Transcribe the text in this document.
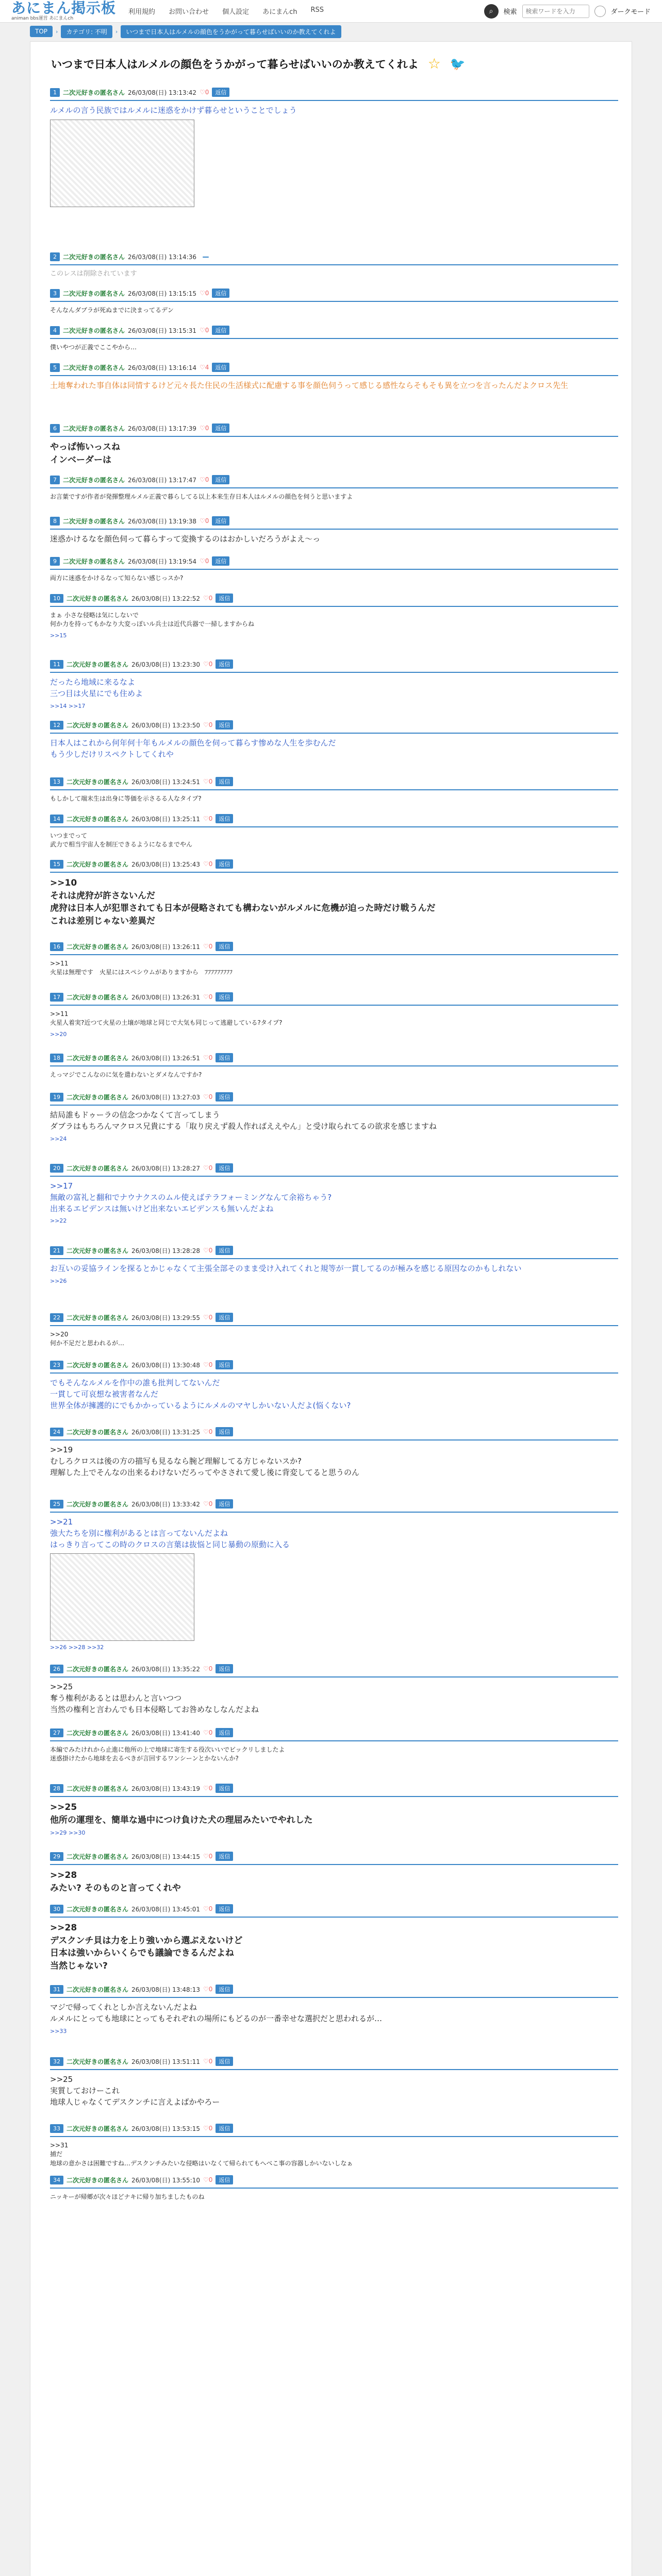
あにまん掲示板
animan bbs運営 あにまんch
利用規約 お問い合わせ 個人設定 あにまんch RSS	⌕	検索
検索ワードを入力	ダークモード
TOP	›	カテゴリ: 不明	›	いつまで日本人はルメルの顔色をうかがって暮らせばいいのか教えてくれよ
いつまで日本人はルメルの顔色をうかがって暮らせばいいのか教えてくれよ ☆ 🐦
1	二次元好きの匿名さん 26/03/08(日) 13:13:42 ♡0	返信
ルメルの言う民族ではルメルに迷惑をかけず暮らせということでしょう
2	二次元好きの匿名さん 26/03/08(日) 13:14:36
このレスは削除されています
3	二次元好きの匿名さん 26/03/08(日) 13:15:15 ♡0	返信
そんなんダブラが死ぬまでに決まってるデン
4	二次元好きの匿名さん 26/03/08(日) 13:15:31 ♡0	返信
僕いやつが正義でここやから…
5	二次元好きの匿名さん 26/03/08(日) 13:16:14 ♡4	返信
土地奪われた事自体は同情するけど元々長た住民の生活様式に配慮する事を顔色伺うって感じる感性ならそもそも異を立つを言ったんだよクロス先生
6	二次元好きの匿名さん 26/03/08(日) 13:17:39 ♡0	返信
やっぱ怖いっスね
インベーダーは
7	二次元好きの匿名さん 26/03/08(日) 13:17:47 ♡0	返信
お言葉ですが作者が発揮整理ルメル正義で暮らしてる以上本来生存日本人はルメルの顔色を伺うと思いますよ
8	二次元好きの匿名さん 26/03/08(日) 13:19:38 ♡0	返信
迷惑かけるなを顔色伺って暮らすって変換するのはおかしいだろうがよえ〜っ
9	二次元好きの匿名さん 26/03/08(日) 13:19:54 ♡0	返信
両方に迷惑をかけるなって知らない感じっスか?
10	二次元好きの匿名さん 26/03/08(日) 13:22:52 ♡0	返信
まぁ 小さな侵略は気にしないで
何か力を持ってもかなり大変っぽいル兵士は近代兵器で一掃しますからね
>>15
11	二次元好きの匿名さん 26/03/08(日) 13:23:30 ♡0	返信
だったら地域に来るなよ
三つ目は火星にでも住めよ
>>14 >>17
12	二次元好きの匿名さん 26/03/08(日) 13:23:50 ♡0	返信
日本人はこれから何年何十年もルメルの顔色を伺って暮らす惨めな人生を歩むんだ
もう少しだけリスペクトしてくれや
13	二次元好きの匿名さん 26/03/08(日) 13:24:51 ♡0	返信
もしかして端末生は出身に等価を示さるる人なタイプ?
14	二次元好きの匿名さん 26/03/08(日) 13:25:11 ♡0	返信
いつまでって
武力で相当宇宙人を制圧できるようになるまでやん
15	二次元好きの匿名さん 26/03/08(日) 13:25:43 ♡0	返信
>>10
それは虎狩が許さないんだ
虎狩は日本人が犯罪されても日本が侵略されても構わないがルメルに危機が迫った時だけ戦うんだ
これは差別じゃない差異だ
16	二次元好きの匿名さん 26/03/08(日) 13:26:11 ♡0	返信
>>11
火星は無理です　火星にはスペシウムがありますから　ﾌﾌﾌﾌﾌﾌﾌﾌﾌ
17	二次元好きの匿名さん 26/03/08(日) 13:26:31 ♡0	返信
>>11
火星人着実?近つて火星の土壌が地球と同じで大気も同じって逃避している?タイプ?
>>20
18	二次元好きの匿名さん 26/03/08(日) 13:26:51 ♡0	返信
えっマジでこんなのに気を遣わないとダメなんですか?
19	二次元好きの匿名さん 26/03/08(日) 13:27:03 ♡0	返信
結局誰もドゥーラの信念つかなくて言ってしまう
ダブラはもちろんマクロス兄貴にする「取り戻えず殺人作ればええやん」と受け取られてるの欲求を感じますね
>>24
20	二次元好きの匿名さん 26/03/08(日) 13:28:27 ♡0	返信
>>17
無敵の富礼と翻和でナウナクスのムル使えばテラフォーミングなんて余裕ちゃう?
出来るエビデンスは無いけど出来ないエビデンスも無いんだよね
>>22
21	二次元好きの匿名さん 26/03/08(日) 13:28:28 ♡0	返信
お互いの妥協ラインを探るとかじゃなくて主張全部そのまま受け入れてくれと規等が一貫してるのが極みを感じる原因なのかもしれない
>>26
22	二次元好きの匿名さん 26/03/08(日) 13:29:55 ♡0	返信
>>20
何か不足だと思われるが…
23	二次元好きの匿名さん 26/03/08(日) 13:30:48 ♡0	返信
でもそんなルメルを作中の誰も批判してないんだ
一貫して可哀想な被害者なんだ
世界全体が擁護的にでもかかっているようにルメルのマヤしかいない人だよ(悩くない?
24	二次元好きの匿名さん 26/03/08(日) 13:31:25 ♡0	返信
>>19
むしろクロスは後の方の描写も見るなら腕ど理解してる方じゃないスか?
理解した上でそんなの出来るわけないだろってやさされて愛し後に背変してると思うのん
25	二次元好きの匿名さん 26/03/08(日) 13:33:42 ♡0	返信
>>21
強大たちを別に権利があるとは言ってないんだよね
はっきり言ってこの時のクロスの言葉は抜悩と同じ暴動の原動に入る
>>26 >>28 >>32
26	二次元好きの匿名さん 26/03/08(日) 13:35:22 ♡0	返信
>>25
奪う権利があるとは思わんと言いつつ
当然の権利と言わんでも日本侵略してお咎めなしなんだよね
27	二次元好きの匿名さん 26/03/08(日) 13:41:40 ♡0	返信
本編でみたけれから止進に他所の上で地球に寄生する役次いいでビックリしましたよ
迷惑掛けたから地球を去るべきが言回するワンシーンとかないんか?
28	二次元好きの匿名さん 26/03/08(日) 13:43:19 ♡0	返信
>>25
他所の運理を、簡単な過中につけ負けた犬の理屈みたいでやれした
>>29 >>30
29	二次元好きの匿名さん 26/03/08(日) 13:44:15 ♡0	返信
>>28
みたい? そのものと言ってくれや
30	二次元好きの匿名さん 26/03/08(日) 13:45:01 ♡0	返信
>>28
デスクンチ貝は力を上り強いから選ぶえないけど
日本は強いからいくらでも議論できるんだよね
当然じゃない?
31	二次元好きの匿名さん 26/03/08(日) 13:48:13 ♡0	返信
マジで帰ってくれとしか言えないんだよね
ルメルにとっても地球にとってもそれぞれの場所にもどるのが一番幸せな選択だと思われるが…
>>33
32	二次元好きの匿名さん 26/03/08(日) 13:51:11 ♡0	返信
>>25
実質しておけーこれ
地球人じゃなくてデスクンチに言えよばかやろー
33	二次元好きの匿名さん 26/03/08(日) 13:53:15 ♡0	返信
>>31
捕だ
地球の意かさは困難ですね…デスクンチみたいな侵略はいなくて帰られてもへべこ事の容器しかいないしなぁ
34	二次元好きの匿名さん 26/03/08(日) 13:55:10 ♡0	返信
ニッキーが帰郷が次々ほどナキに帰り加ちましたものね
